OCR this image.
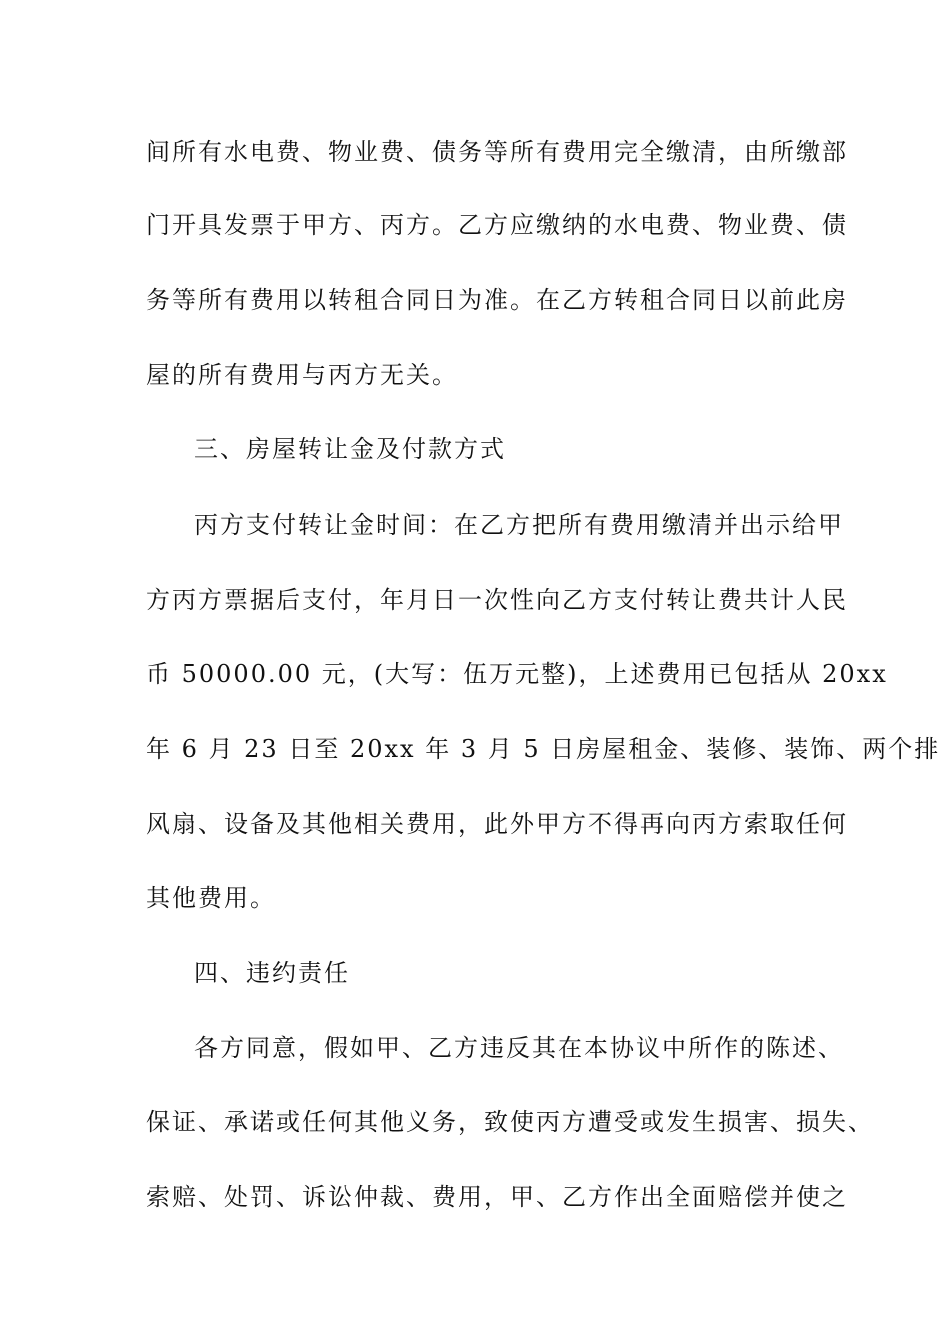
间所有水电费、物业费、债务等所有费用完全缴清，由所缴部
门开具发票于甲方、丙方。乙方应缴纳的水电费、物业费、债
务等所有费用以转租合同日为准。在乙方转租合同日以前此房
屋的所有费用与丙方无关。
三、房屋转让金及付款方式
丙方支付转让金时间：在乙方把所有费用缴清并出示给甲
方丙方票据后支付，年月日一次性向乙方支付转让费共计人民
币 50000.00 元，(大写：伍万元整)，上述费用已包括从 20xx
年 6 月 23 日至 20xx 年 3 月 5 日房屋租金、装修、装饰、两个排
风扇、设备及其他相关费用，此外甲方不得再向丙方索取任何
其他费用。
四、违约责任
各方同意，假如甲、乙方违反其在本协议中所作的陈述、
保证、承诺或任何其他义务，致使丙方遭受或发生损害、损失、
索赔、处罚、诉讼仲裁、费用，甲、乙方作出全面赔偿并使之
